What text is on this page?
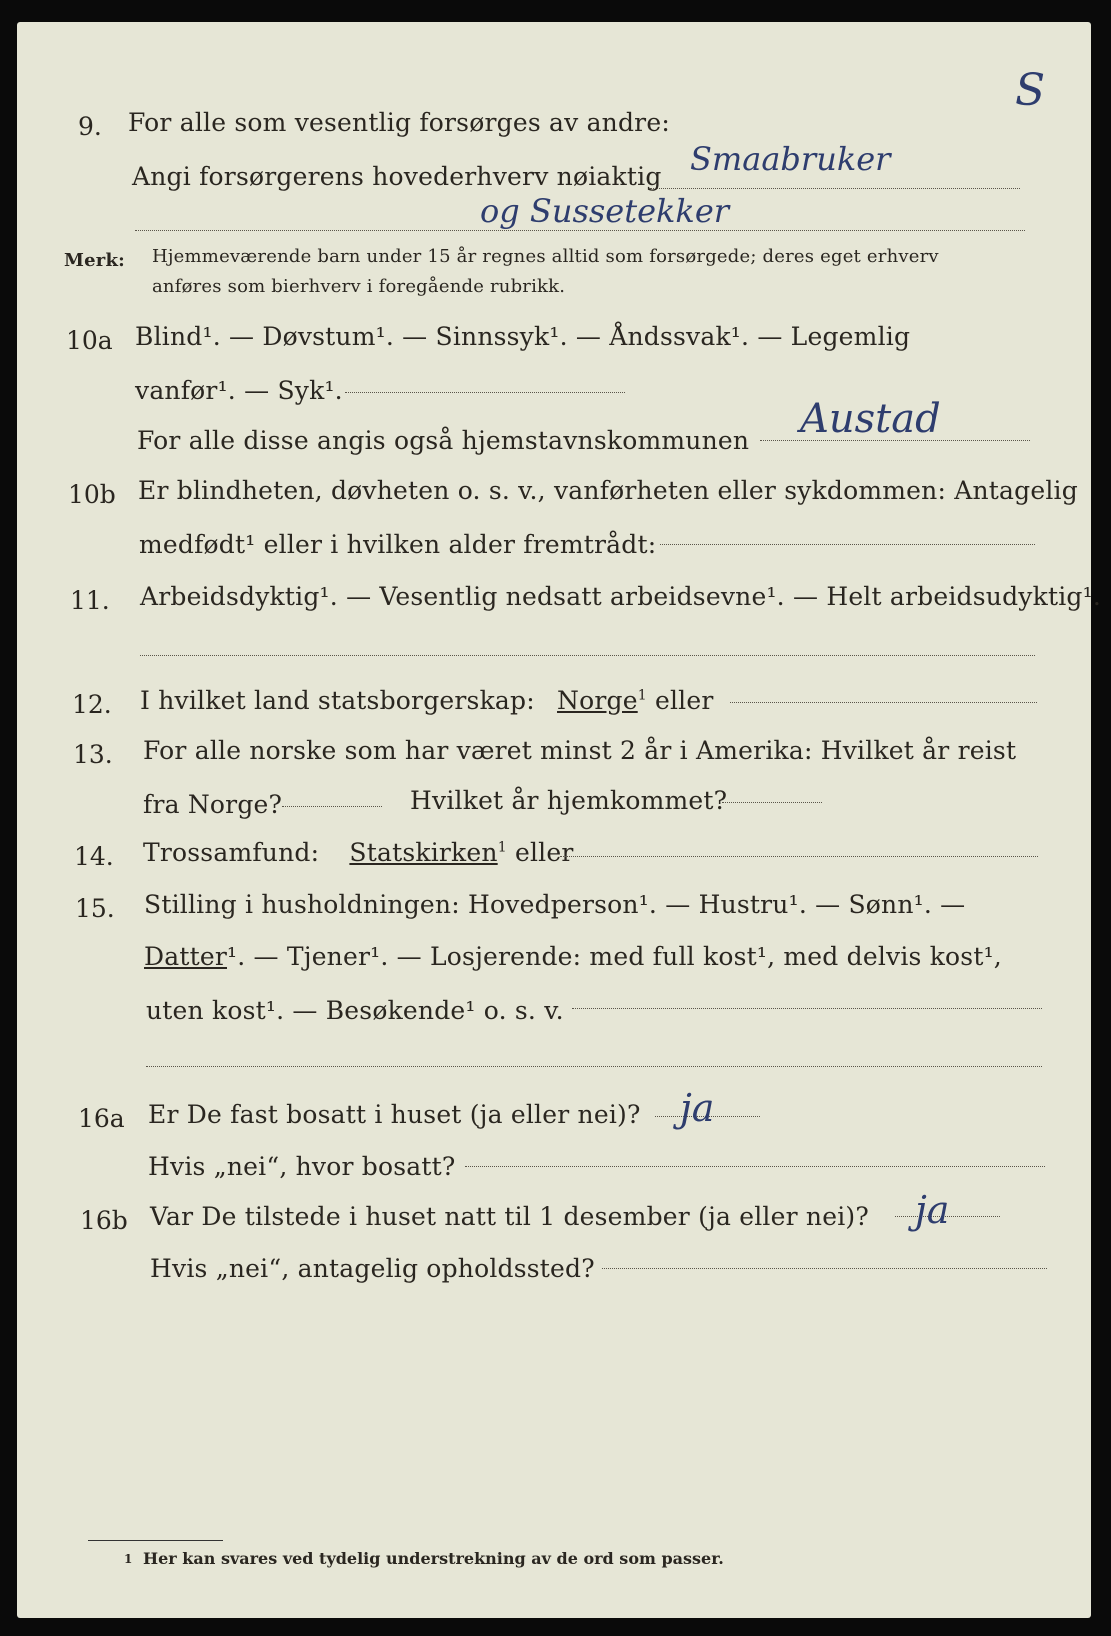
9. For alle som vesentlig forsørges av andre:
S
Angi forsørgerens hovederhverv nøiaktig Smaabruker
og Sussetekker
Merk: Hjemmeværende barn under 15 år regnes alltid som forsørgede; deres eget erhverv
anføres som bierhverv i foregående rubrikk.
10a Blind¹. — Døvstum¹. — Sinnssyk¹. — Åndssvak¹. — Legemlig
vanfør¹. — Syk¹.
For alle disse angis også hjemstavnskommunen Austad
10b Er blindheten, døvheten o. s. v., vanførheten eller sykdommen: Antagelig
medfødt¹ eller i hvilken alder fremtrådt:
11. Arbeidsdyktig¹. — Vesentlig nedsatt arbeidsevne¹. — Helt arbeidsudyktig¹.
12. I hvilket land statsborgerskap: Norge$^1$ eller
13. For alle norske som har været minst 2 år i Amerika: Hvilket år reist
fra Norge?	Hvilket år hjemkommet?
14. Trossamfund: Statskirken$^1$ eller
15. Stilling i husholdningen: Hovedperson¹. — Hustru¹. — Sønn¹. —
Datter¹. — Tjener¹. — Losjerende: med full kost¹, med delvis kost¹,
uten kost¹. — Besøkende¹ o. s. v.
16a Er De fast bosatt i huset (ja eller nei)? ja
Hvis „nei“, hvor bosatt?
16b Var De tilstede i huset natt til 1 desember (ja eller nei)? ja
Hvis „nei“, antagelig opholdssted?
1 Her kan svares ved tydelig understrekning av de ord som passer.
